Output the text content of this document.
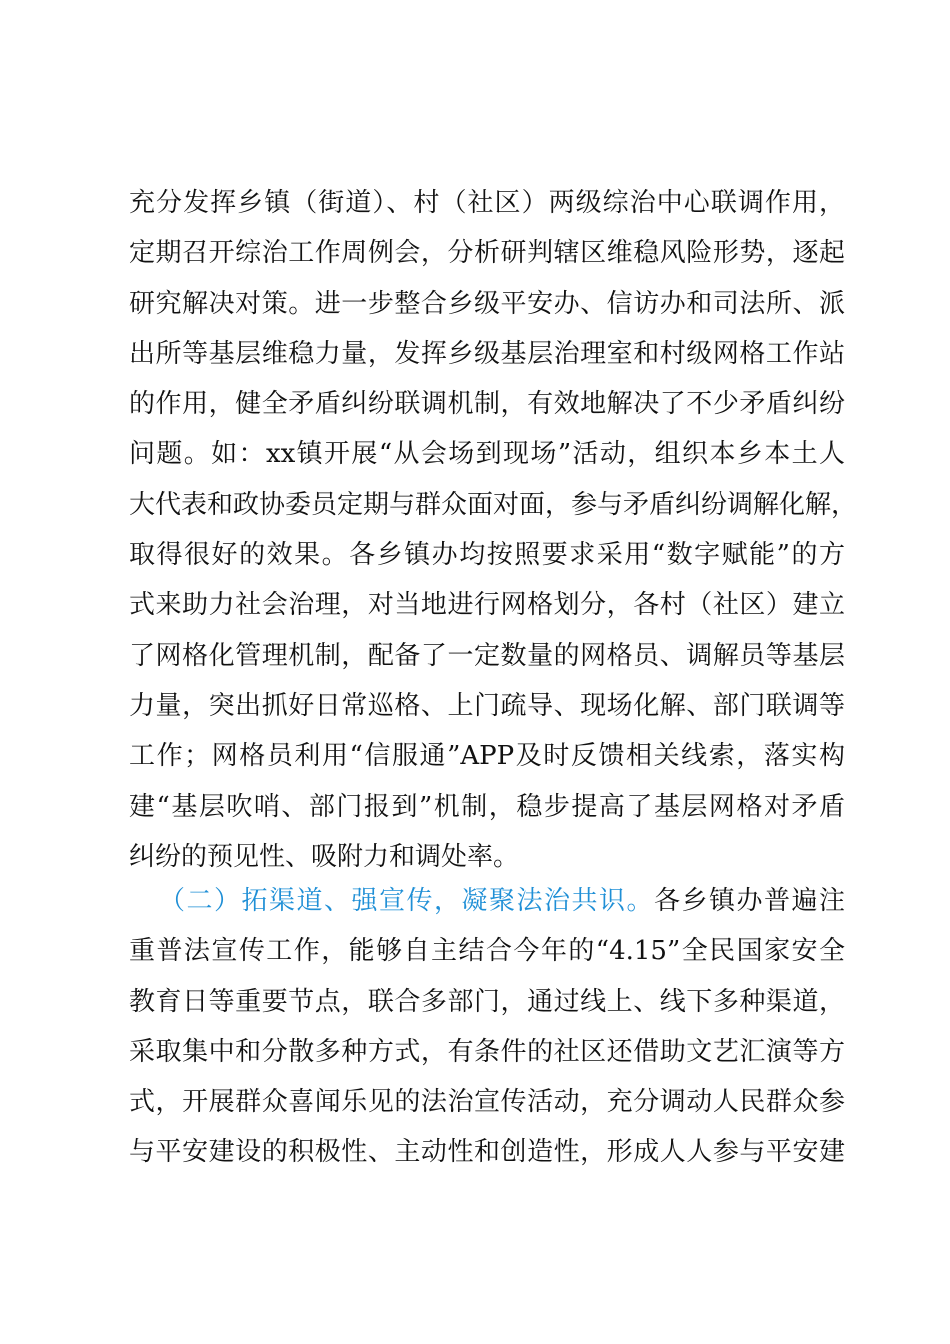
充分发挥乡镇（街道）、村（社区）两级综治中心联调作用，
定期召开综治工作周例会，分析研判辖区维稳风险形势，逐起
研究解决对策。进一步整合乡级平安办、信访办和司法所、派
出所等基层维稳力量，发挥乡级基层治理室和村级网格工作站
的作用，健全矛盾纠纷联调机制，有效地解决了不少矛盾纠纷
问题。如：xx镇开展“从会场到现场”活动，组织本乡本土人
大代表和政协委员定期与群众面对面，参与矛盾纠纷调解化解，
取得很好的效果。各乡镇办均按照要求采用“数字赋能”的方
式来助力社会治理，对当地进行网格划分，各村（社区）建立
了网格化管理机制，配备了一定数量的网格员、调解员等基层
力量，突出抓好日常巡格、上门疏导、现场化解、部门联调等
工作；网格员利用“信服通”APP及时反馈相关线索，落实构
建“基层吹哨、部门报到”机制，稳步提高了基层网格对矛盾
纠纷的预见性、吸附力和调处率。
（二）拓渠道、强宣传，凝聚法治共识。各乡镇办普遍注
重普法宣传工作，能够自主结合今年的“4.15”全民国家安全
教育日等重要节点，联合多部门，通过线上、线下多种渠道，
采取集中和分散多种方式，有条件的社区还借助文艺汇演等方
式，开展群众喜闻乐见的法治宣传活动，充分调动人民群众参
与平安建设的积极性、主动性和创造性，形成人人参与平安建
